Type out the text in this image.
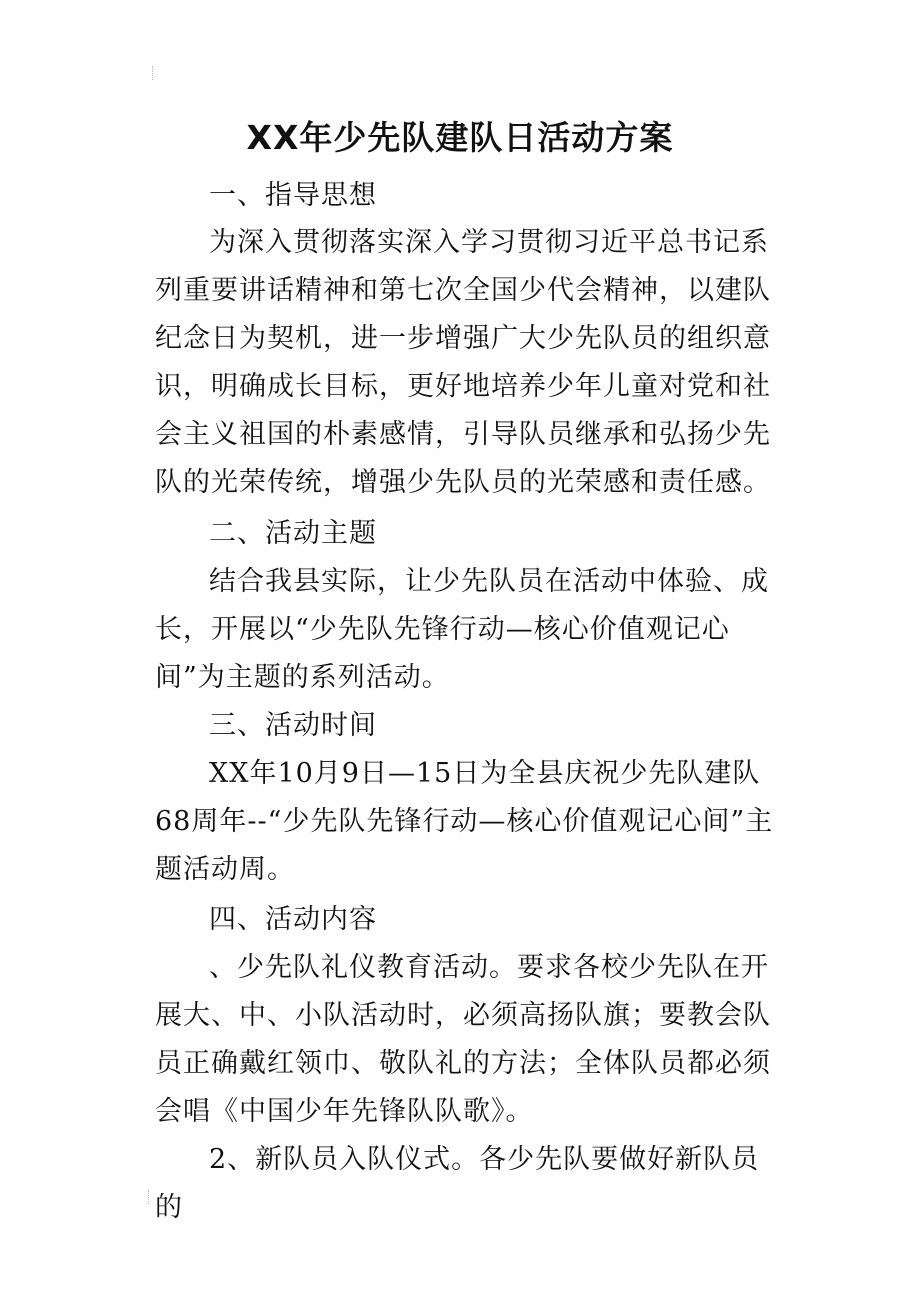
XX年少先队建队日活动方案
一、指导思想
为深入贯彻落实深入学习贯彻习近平总书记系列重要讲话精神和第七次全国少代会精神，以建队纪念日为契机，进一步增强广大少先队员的组织意识，明确成长目标，更好地培养少年儿童对党和社会主义祖国的朴素感情，引导队员继承和弘扬少先队的光荣传统，增强少先队员的光荣感和责任感。
二、活动主题
结合我县实际，让少先队员在活动中体验、成长，开展以“少先队先锋行动—核心价值观记心间”为主题的系列活动。
三、活动时间
XX年10月9日—15日为全县庆祝少先队建队68周年--“少先队先锋行动—核心价值观记心间”主题活动周。
四、活动内容
、少先队礼仪教育活动。要求各校少先队在开展大、中、小队活动时，必须高扬队旗；要教会队员正确戴红领巾、敬队礼的方法；全体队员都必须会唱《中国少年先锋队队歌》。
2、新队员入队仪式。各少先队要做好新队员的
